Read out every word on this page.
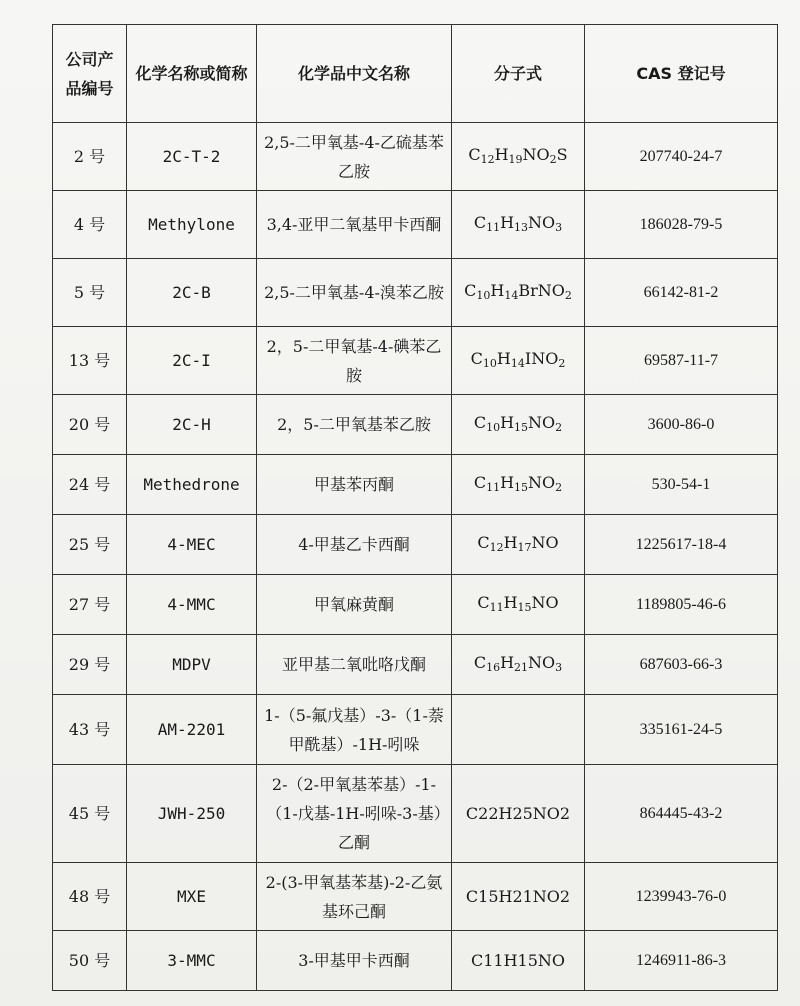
公司产品编号	化学名称或简称	化学品中文名称	分子式	CAS 登记号
2 号	2C-T-2	2,5-二甲氧基-4-乙硫基苯乙胺	$C_{12}H_{19}NO_2S$	207740-24-7
4 号	Methylone	3,4-亚甲二氧基甲卡西酮	$C_{11}H_{13}NO_3$	186028-79-5
5 号	2C-B	2,5-二甲氧基-4-溴苯乙胺	$C_{10}H_{14}BrNO_2$	66142-81-2
13 号	2C-I	2，5-二甲氧基-4-碘苯乙胺	$C_{10}H_{14}INO_2$	69587-11-7
20 号	2C-H	2，5-二甲氧基苯乙胺	$C_{10}H_{15}NO_2$	3600-86-0
24 号	Methedrone	甲基苯丙酮	$C_{11}H_{15}NO_2$	530-54-1
25 号	4-MEC	4-甲基乙卡西酮	$C_{12}H_{17}NO$	1225617-18-4
27 号	4-MMC	甲氧麻黄酮	$C_{11}H_{15}NO$	1189805-46-6
29 号	MDPV	亚甲基二氧吡咯戊酮	$C_{16}H_{21}NO_3$	687603-66-3
43 号	AM-2201	1-（5-氟戊基）-3-（1-萘甲酰基）-1H-吲哚		335161-24-5
45 号	JWH-250	2-（2-甲氧基苯基）-1-（1-戊基-1H-吲哚-3-基）乙酮	C22H25NO2	864445-43-2
48 号	MXE	2-(3-甲氧基苯基)-2-乙氨基环己酮	C15H21NO2	1239943-76-0
50 号	3-MMC	3-甲基甲卡西酮	C11H15NO	1246911-86-3
